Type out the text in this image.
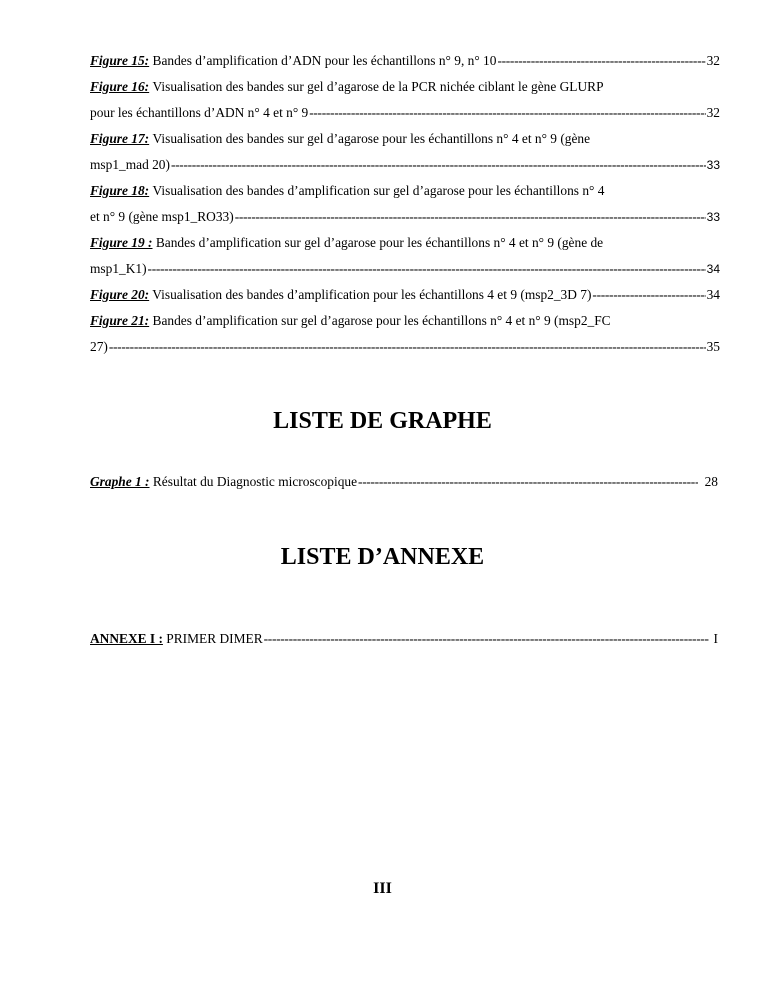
Figure 15: Bandes d’amplification d’ADN pour les échantillons n° 9, n° 10 -----	32
Figure 16:
Visualisation des bandes sur gel d’agarose de la PCR nichée ciblant le gène GLURP
pour les échantillons d’ADN n° 4 et n° 9 -----	32
Figure 17:
Visualisation des bandes sur gel d’agarose pour les échantillons n° 4 et n° 9 (gène
msp1_mad 20) -----	33
Figure 18:
Visualisation des bandes d’amplification sur gel d’agarose pour les échantillons n° 4
et n° 9 (gène msp1_RO33) -----	33
Figure 19 :
Bandes d’amplification sur gel d’agarose pour les échantillons n° 4 et n° 9 (gène de
msp1_K1) -----	34
Figure 20: Visualisation des bandes d’amplification pour les échantillons 4 et 9 (msp2_3D 7) -----	34
Figure 21:
Bandes d’amplification sur gel d’agarose pour les échantillons n° 4 et n° 9 (msp2_FC
27) -----	35
LISTE DE GRAPHE
Graphe 1 : Résultat du Diagnostic microscopique -----	28
LISTE D’ANNEXE
ANNEXE I : PRIMER DIMER -----	I
III
